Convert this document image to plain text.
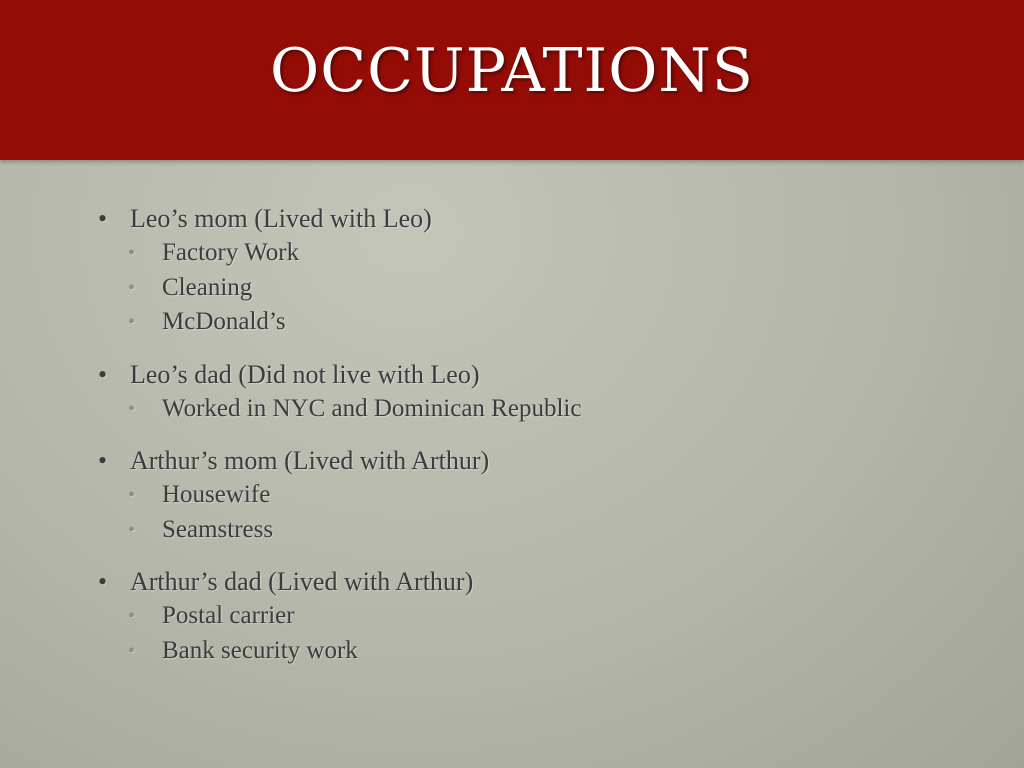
OCCUPATIONS
• Leo’s mom (Lived with Leo)
• Factory Work
• Cleaning
• McDonald’s
• Leo’s dad (Did not live with Leo)
• Worked in NYC and Dominican Republic
• Arthur’s mom (Lived with Arthur)
• Housewife
• Seamstress
• Arthur’s dad (Lived with Arthur)
• Postal carrier
• Bank security work
